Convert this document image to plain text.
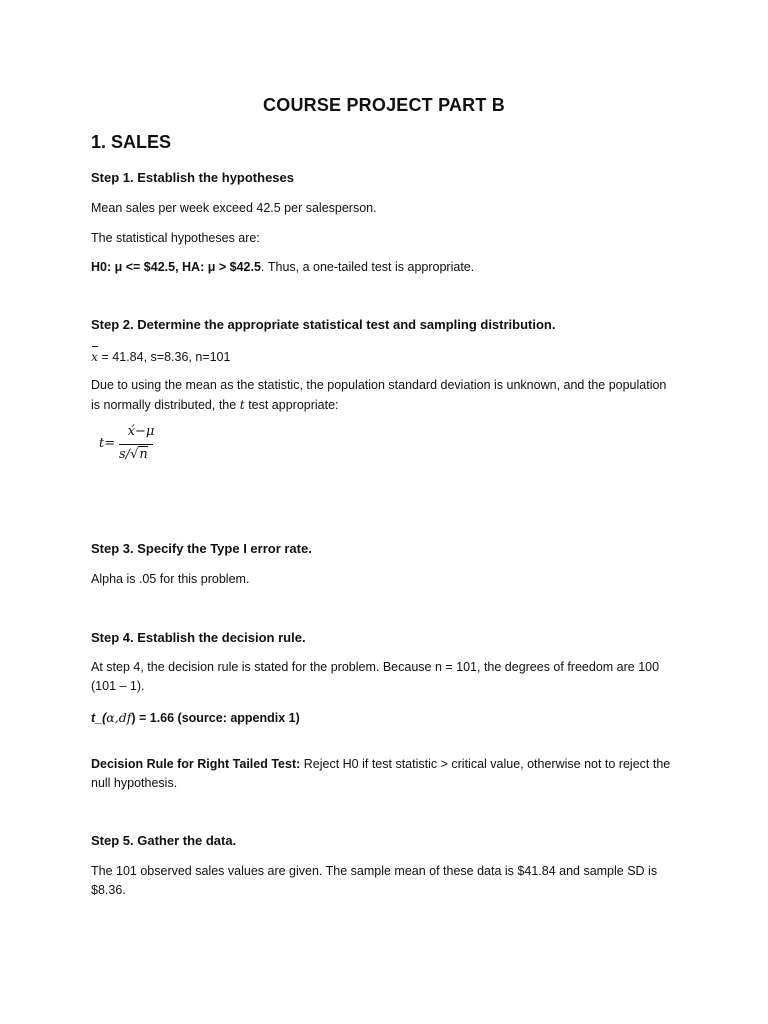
COURSE PROJECT PART B
1. SALES
Step 1. Establish the hypotheses
Mean sales per week exceed 42.5 per salesperson.
The statistical hypotheses are:
H0: μ <= $42.5, HA: μ > $42.5. Thus, a one-tailed test is appropriate.
Step 2. Determine the appropriate statistical test and sampling distribution.
x = 41.84, s=8.36, n=101
Due to using the mean as the statistic, the population standard deviation is unknown, and the population is normally distributed, the t test appropriate:
t=
x́−μ
s/√n
Step 3. Specify the Type I error rate.
Alpha is .05 for this problem.
Step 4. Establish the decision rule.
At step 4, the decision rule is stated for the problem. Because n = 101, the degrees of freedom are 100 (101 – 1).
t_(α,df) = 1.66 (source: appendix 1)
Decision Rule for Right Tailed Test: Reject H0 if test statistic > critical value, otherwise not to reject the null hypothesis.
Step 5. Gather the data.
The 101 observed sales values are given. The sample mean of these data is $41.84 and sample SD is $8.36.
